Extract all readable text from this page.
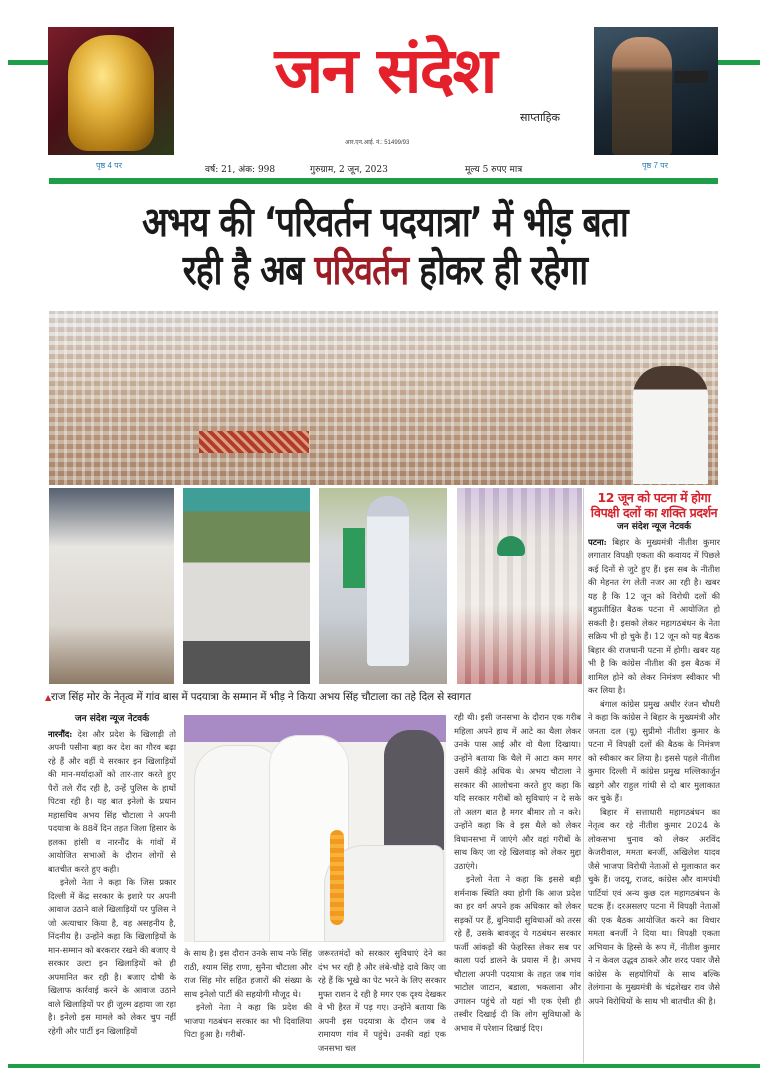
पृष्ठ 4 पर
जन संदेश
साप्ताहिक
आर.एन.आई. नं.: 51499/93
पृष्ठ 7 पर
वर्ष: 21, अंक: 998	गुरुग्राम, 2 जून, 2023	मूल्य 5 रुपए मात्र
अभय की ‘परिवर्तन पदयात्रा’ में भीड़ बता
रही है अब परिवर्तन होकर ही रहेगा
12 जून को पटना में होगा
विपक्षी दलों का शक्ति प्रदर्शन
जन संदेश न्यूज नेटवर्क

पटना: बिहार के मुख्यमंत्री नीतीश कुमार लगातार विपक्षी एकता की कवायद में पिछले कई दिनों से जुटे हुए हैं। इस सब के नीतीश की मेहनत रंग लेती नजर आ रही है। खबर यह है कि 12 जून को विरोधी दलों की बहुप्रतीक्षित बैठक पटना में आयोजित हो सकती है। इसको लेकर महागठबंधन के नेता सक्रिय भी हो चुके हैं। 12 जून को यह बैठक बिहार की राजधानी पटना में होगी। खबर यह भी है कि कांग्रेस नीतीश की इस बैठक में शामिल होने को लेकर निमंत्रण स्वीकार भी कर लिया है।

बंगाल कांग्रेस प्रमुख अधीर रंजन चौधरी ने कहा कि कांग्रेस ने बिहार के मुख्यमंत्री और जनता दल (यू) सुप्रीमो नीतीश कुमार के पटना में विपक्षी दलों की बैठक के निमंत्रण को स्वीकार कर लिया है। इससे पहले नीतीश कुमार दिल्ली में कांग्रेस प्रमुख मल्लिकार्जुन खड़गे और राहुल गांधी से दो बार मुलाकात कर चुके हैं।

बिहार में सत्ताधारी महागठबंधन का नेतृत्व कर रहे नीतीश कुमार 2024 के लोकसभा चुनाव को लेकर अरविंद केजरीवाल, ममता बनर्जी, अखिलेश यादव जैसे भाजपा विरोधी नेताओं से मुलाकात कर चुके हैं। जदयू, राजद, कांग्रेस और वामपंथी पार्टियां एवं अन्य कुछ दल महागठबंधन के घटक हैं। दरअसलए पटना में विपक्षी नेताओं की एक बैठक आयोजित करने का विचार ममता बनर्जी ने दिया था। विपक्षी एकता अभियान के हिस्से के रूप में, नीतीश कुमार ने न केवल उद्धव ठाकरे और शरद पवार जैसे कांग्रेस के सहयोगियों के साथ बल्कि तेलंगाना के मुख्यमंत्री के चंद्रशेखर राव जैसे अपने विरोधियों के साथ भी बातचीत की है।

▲राज सिंह मोर के नेतृत्व में गांव बास में पदयात्रा के सम्मान में भीड़ ने किया अभय सिंह चौटाला का तहे दिल से स्वागत
जन संदेश न्यूज नेटवर्क

नारनौंद: देश और प्रदेश के खिलाड़ी तो अपनी पसीना बहा कर देश का गौरव बढ़ा रहे हैं और वहीं ये सरकार इन खिलाड़ियों की मान-मर्यादाओं को तार-तार करते हुए पैरों तले रौंद रही है, उन्हें पुलिस के हाथों पिटवा रही है। यह बात इनेलो के प्रधान महासचिव अभय सिंह चौटाला ने अपनी पदयात्रा के 88वें दिन तहत जिला हिसार के हलका हांसी व नारनौंद के गांवों में आयोजित सभाओं के दौरान लोगों से बातचीत करते हुए कही।

इनेलो नेता ने कहा कि जिस प्रकार दिल्ली में केंद्र सरकार के इशारे पर अपनी आवाज उठाने वाले खिलाड़ियों पर पुलिस ने जो अत्याचार किया है, वह असहनीय है, निंदनीय है। उन्होंने कहा कि खिलाड़ियों के मान-सम्मान को बरकरार रखने की बजाए ये सरकार उल्टा इन खिलाड़ियों को ही अपमानित कर रही है। बजाए दोषी के खिलाफ कार्रवाई करने के आवाज उठाने वाले खिलाड़ियों पर ही जुल्म ढहाया जा रहा है। इनेलो इस मामले को लेकर चुप नहीं रहेगी और पार्टी इन खिलाड़ियों

के साथ है। इस दौरान उनके साथ नफे सिंह राठी, श्याम सिंह राणा, सुनैना चौटाला और राज सिंह मोर सहित हजारों की संख्या के साथ इनेलो पार्टी की सहयोगी मौजूद थे।

इनेलो नेता ने कहा कि प्रदेश की भाजपा गठबंधन सरकार का भी दिवालिया पिटा हुआ है। गरीबों-

जरूरतमंदों को सरकार सुविधाएं देने का दंभ भर रही है और लंबे-चौड़े दावे किए जा रहे हैं कि भूखे का पेट भरने के लिए सरकार मुफ्त राशन दे रही है मगर एक दृश्य देखकर वे भी हैरत में पड़ गए। उन्होंने बताया कि अपनी इस पदयात्रा के दौरान जब वे रामायण गांव में पहुंचे। उनकी वहां एक जनसभा चल

रही थी। इसी जनसभा के दौरान एक गरीब महिला अपने हाथ में आटे का थैला लेकर उनके पास आई और वो थैला दिखाया। उन्होंने बताया कि थैले में आटा कम मगर उसमें कीड़े अधिक थे। अभय चौटाला ने सरकार की आलोचना करते हुए कहा कि यदि सरकार गरीबों को सुविधाएं न दे सके तो अलग बात है मगर बीमार तो न करे। उन्होंने कहा कि वे इस थैले को लेकर विधानसभा में जाएंगे और वहां गरीबों के साथ किए जा रहे खिलवाड़ को लेकर मुद्दा उठाएंगे।

इनेलो नेता ने कहा कि इससे बड़ी शर्मनाक स्थिति क्या होगी कि आज प्रदेश का हर वर्ग अपने हक अधिकार को लेकर सड़कों पर हैं, बुनियादी सुविधाओं को तरस रहे हैं, उसके बावजूद ये गठबंधन सरकार फर्जी आंकड़ों की फेहरिस्त लेकर सब पर काला पर्दा डालने के प्रयास में है। अभय चौटाला अपनी पदयात्रा के तहत जब गांव भाटोल जाटान, बडाला, भकलाना और उगालन पहुंचे तो यहां भी एक ऐसी ही तस्वीर दिखाई दी कि लोग सुविधाओं के अभाव में परेशान दिखाई दिए।
